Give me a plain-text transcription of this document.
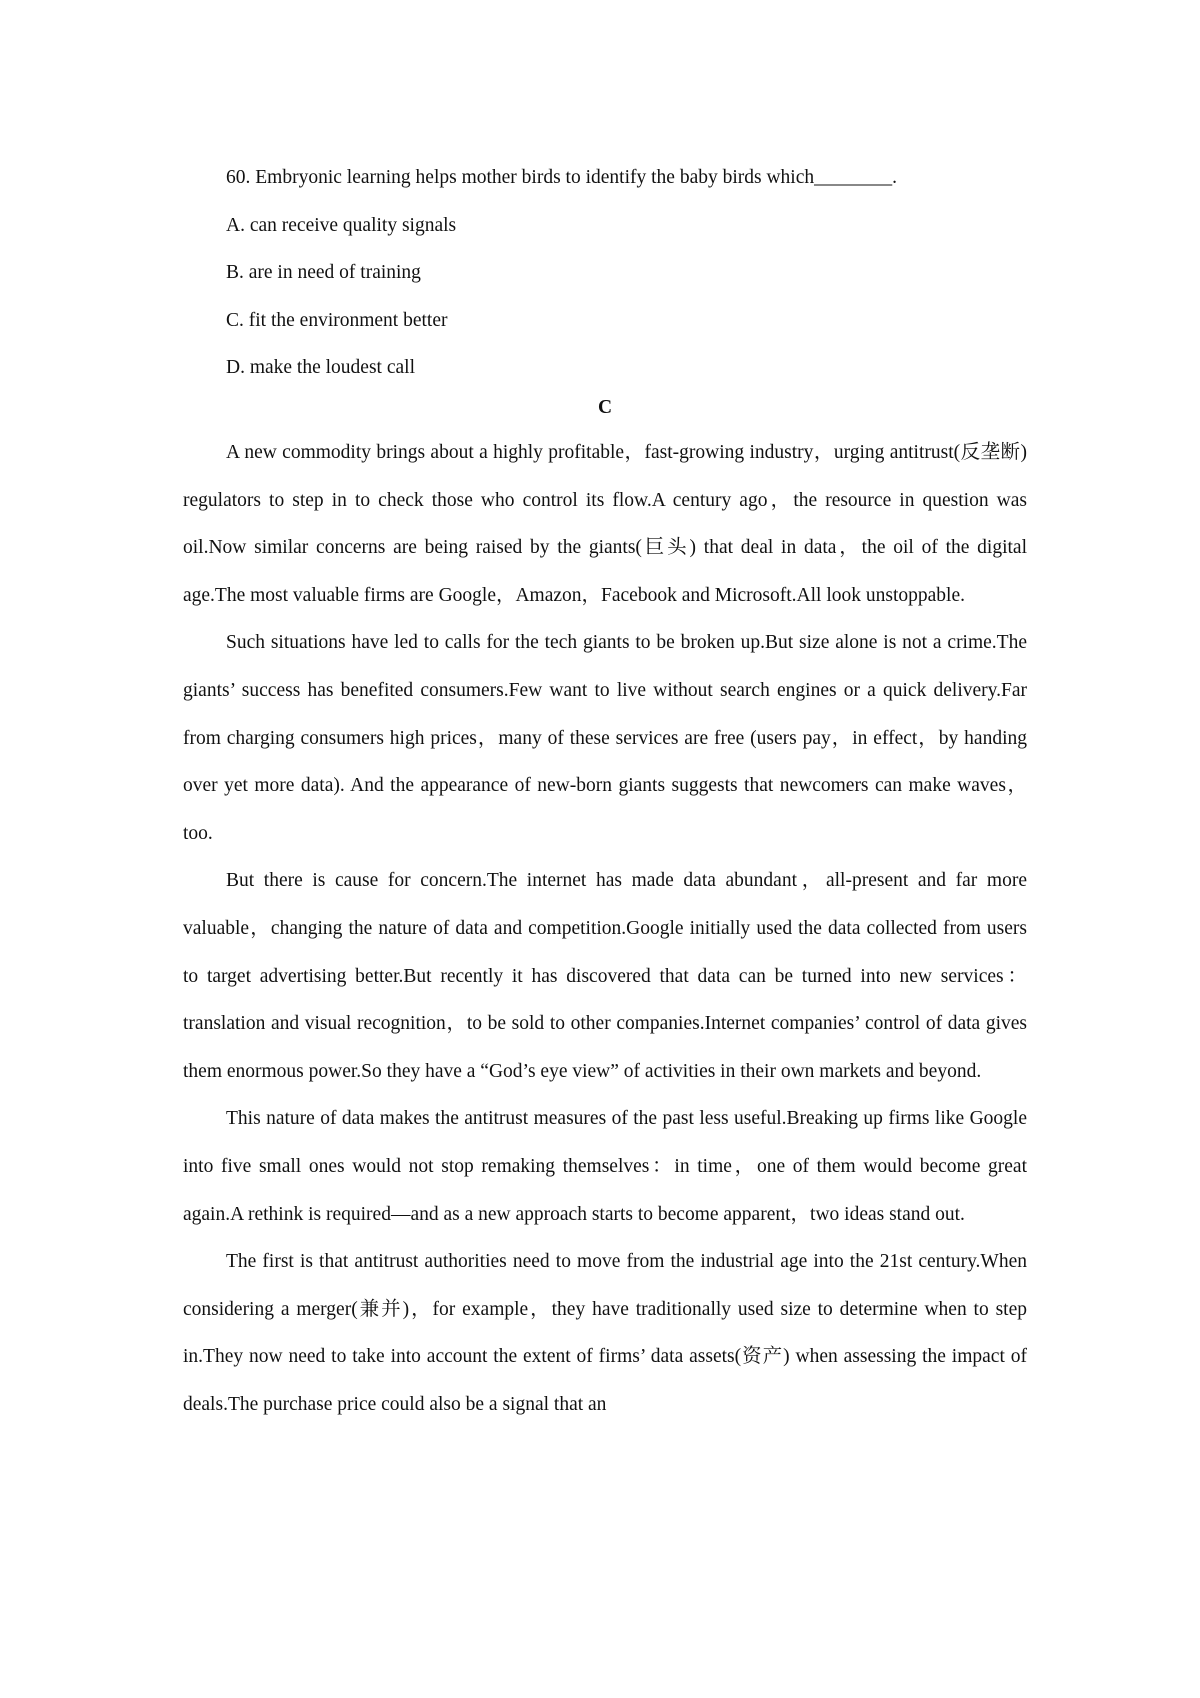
60. Embryonic learning helps mother birds to identify the baby birds which________.

A. can receive quality signals

B. are in need of training

C. fit the environment better

D. make the loudest call

C

A new commodity brings about a highly profitable，fast-growing industry，urging antitrust(反垄断) regulators to step in to check those who control its flow.A century ago，the resource in question was oil.Now similar concerns are being raised by the giants(巨头) that deal in data，the oil of the digital age.The most valuable firms are Google，Amazon，Facebook and Microsoft.All look unstoppable.

Such situations have led to calls for the tech giants to be broken up.But size alone is not a crime.The giants’ success has benefited consumers.Few want to live without search engines or a quick delivery.Far from charging consumers high prices，many of these services are free (users pay，in effect，by handing over yet more data). And the appearance of new-born giants suggests that newcomers can make waves，too.

But there is cause for concern.The internet has made data abundant，all-present and far more valuable，changing the nature of data and competition.Google initially used the data collected from users to target advertising better.But recently it has discovered that data can be turned into new services：translation and visual recognition，to be sold to other companies.Internet companies’ control of data gives them enormous power.So they have a “God’s eye view” of activities in their own markets and beyond.

This nature of data makes the antitrust measures of the past less useful.Breaking up firms like Google into five small ones would not stop remaking themselves：in time，one of them would become great again.A rethink is required—and as a new approach starts to become apparent，two ideas stand out.

The first is that antitrust authorities need to move from the industrial age into the 21st century.When considering a merger(兼并)，for example，they have traditionally used size to determine when to step in.They now need to take into account the extent of firms’ data assets(资产) when assessing the impact of deals.The purchase price could also be a signal that an
